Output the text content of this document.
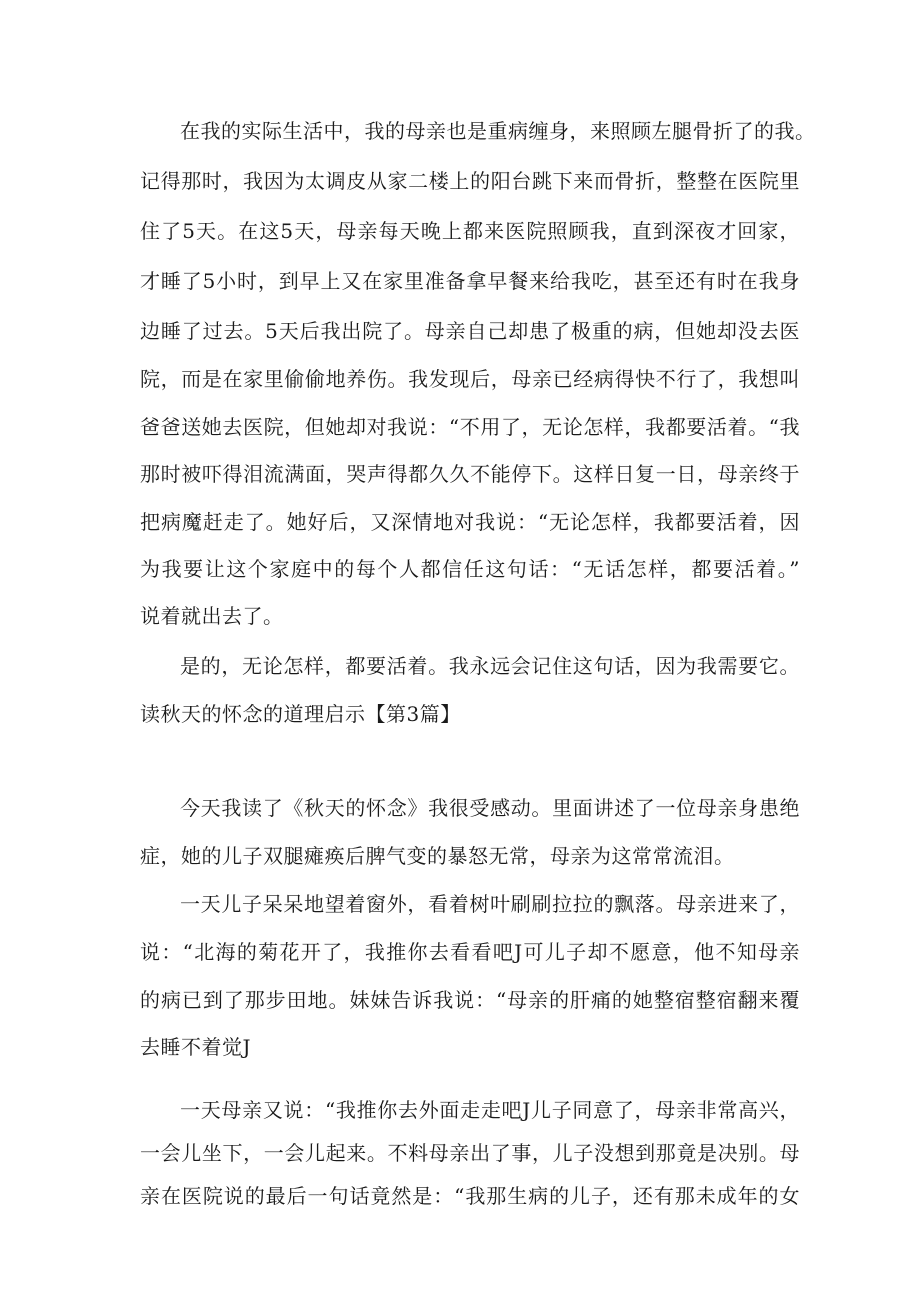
在我的实际生活中，我的母亲也是重病缠身，来照顾左腿骨折了的我。
记得那时，我因为太调皮从家二楼上的阳台跳下来而骨折，整整在医院里
住了5天。在这5天，母亲每天晚上都来医院照顾我，直到深夜才回家，
才睡了5小时，到早上又在家里准备拿早餐来给我吃，甚至还有时在我身
边睡了过去。5天后我出院了。母亲自己却患了极重的病，但她却没去医
院，而是在家里偷偷地养伤。我发现后，母亲已经病得快不行了，我想叫
爸爸送她去医院，但她却对我说：“不用了，无论怎样，我都要活着。“我
那时被吓得泪流满面，哭声得都久久不能停下。这样日复一日，母亲终于
把病魔赶走了。她好后，又深情地对我说：“无论怎样，我都要活着，因
为我要让这个家庭中的每个人都信任这句话：“无话怎样，都要活着。”
说着就出去了。
是的，无论怎样，都要活着。我永远会记住这句话，因为我需要它。
读秋天的怀念的道理启示【第3篇】
今天我读了《秋天的怀念》我很受感动。里面讲述了一位母亲身患绝
症，她的儿子双腿瘫痪后脾气变的暴怒无常，母亲为这常常流泪。
一天儿子呆呆地望着窗外，看着树叶刷刷拉拉的飘落。母亲进来了，
说：“北海的菊花开了，我推你去看看吧J可儿子却不愿意，他不知母亲
的病已到了那步田地。妹妹告诉我说：“母亲的肝痛的她整宿整宿翻来覆
去睡不着觉J
一天母亲又说：“我推你去外面走走吧J儿子同意了，母亲非常高兴，
一会儿坐下，一会儿起来。不料母亲出了事，儿子没想到那竟是决别。母
亲在医院说的最后一句话竟然是：“我那生病的儿子，还有那未成年的女
